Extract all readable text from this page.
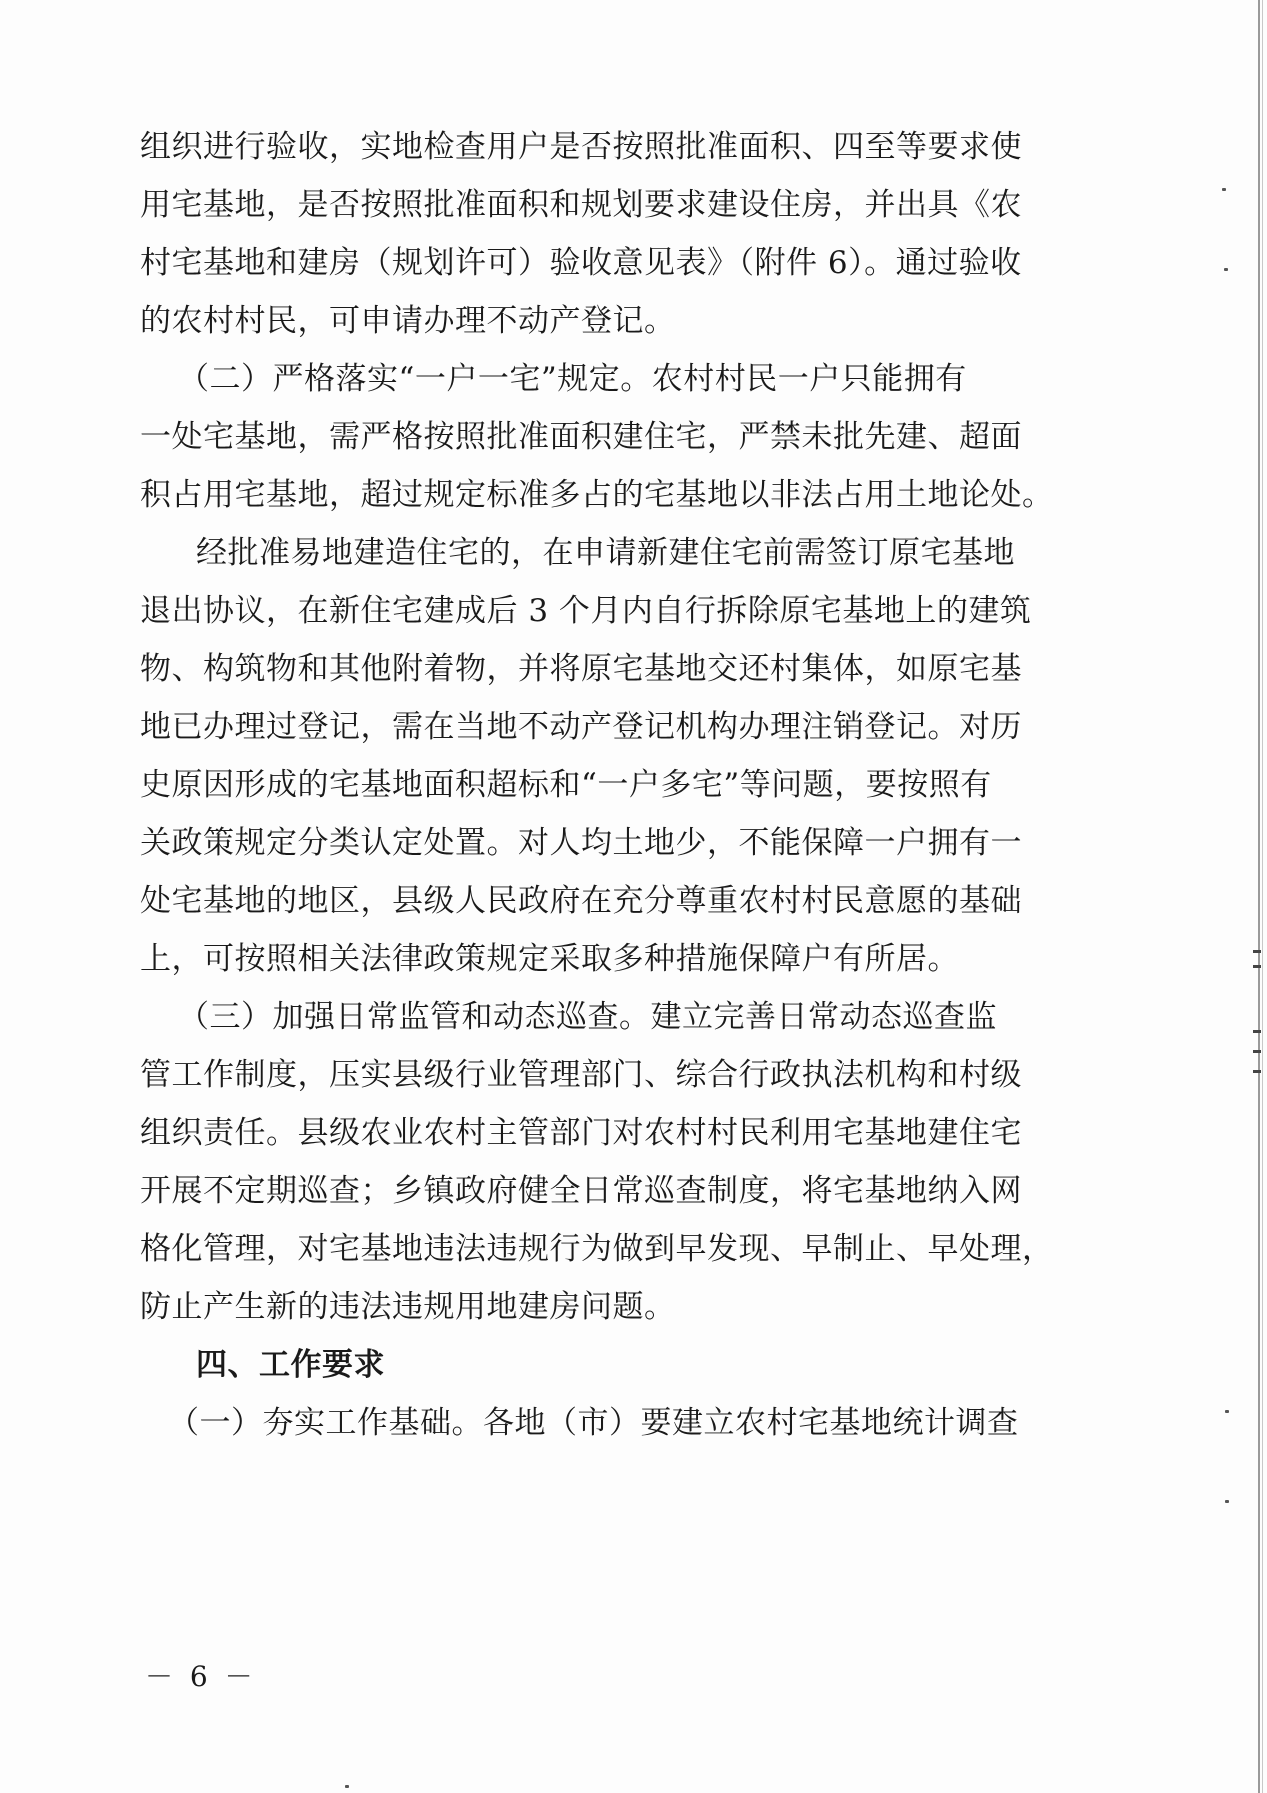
组织进行验收，实地检查用户是否按照批准面积、四至等要求使
用宅基地，是否按照批准面积和规划要求建设住房，并出具《农
村宅基地和建房（规划许可）验收意见表》（附件 6）。通过验收
的农村村民，可申请办理不动产登记。
（二）严格落实“一户一宅”规定。农村村民一户只能拥有
一处宅基地，需严格按照批准面积建住宅，严禁未批先建、超面
积占用宅基地，超过规定标准多占的宅基地以非法占用土地论处。
经批准易地建造住宅的，在申请新建住宅前需签订原宅基地
退出协议，在新住宅建成后 3 个月内自行拆除原宅基地上的建筑
物、构筑物和其他附着物，并将原宅基地交还村集体，如原宅基
地已办理过登记，需在当地不动产登记机构办理注销登记。对历
史原因形成的宅基地面积超标和“一户多宅”等问题，要按照有
关政策规定分类认定处置。对人均土地少，不能保障一户拥有一
处宅基地的地区，县级人民政府在充分尊重农村村民意愿的基础
上，可按照相关法律政策规定采取多种措施保障户有所居。
（三）加强日常监管和动态巡查。建立完善日常动态巡查监
管工作制度，压实县级行业管理部门、综合行政执法机构和村级
组织责任。县级农业农村主管部门对农村村民利用宅基地建住宅
开展不定期巡查；乡镇政府健全日常巡查制度，将宅基地纳入网
格化管理，对宅基地违法违规行为做到早发现、早制止、早处理，
防止产生新的违法违规用地建房问题。
四、工作要求
（一）夯实工作基础。各地（市）要建立农村宅基地统计调查
－ 6 －
